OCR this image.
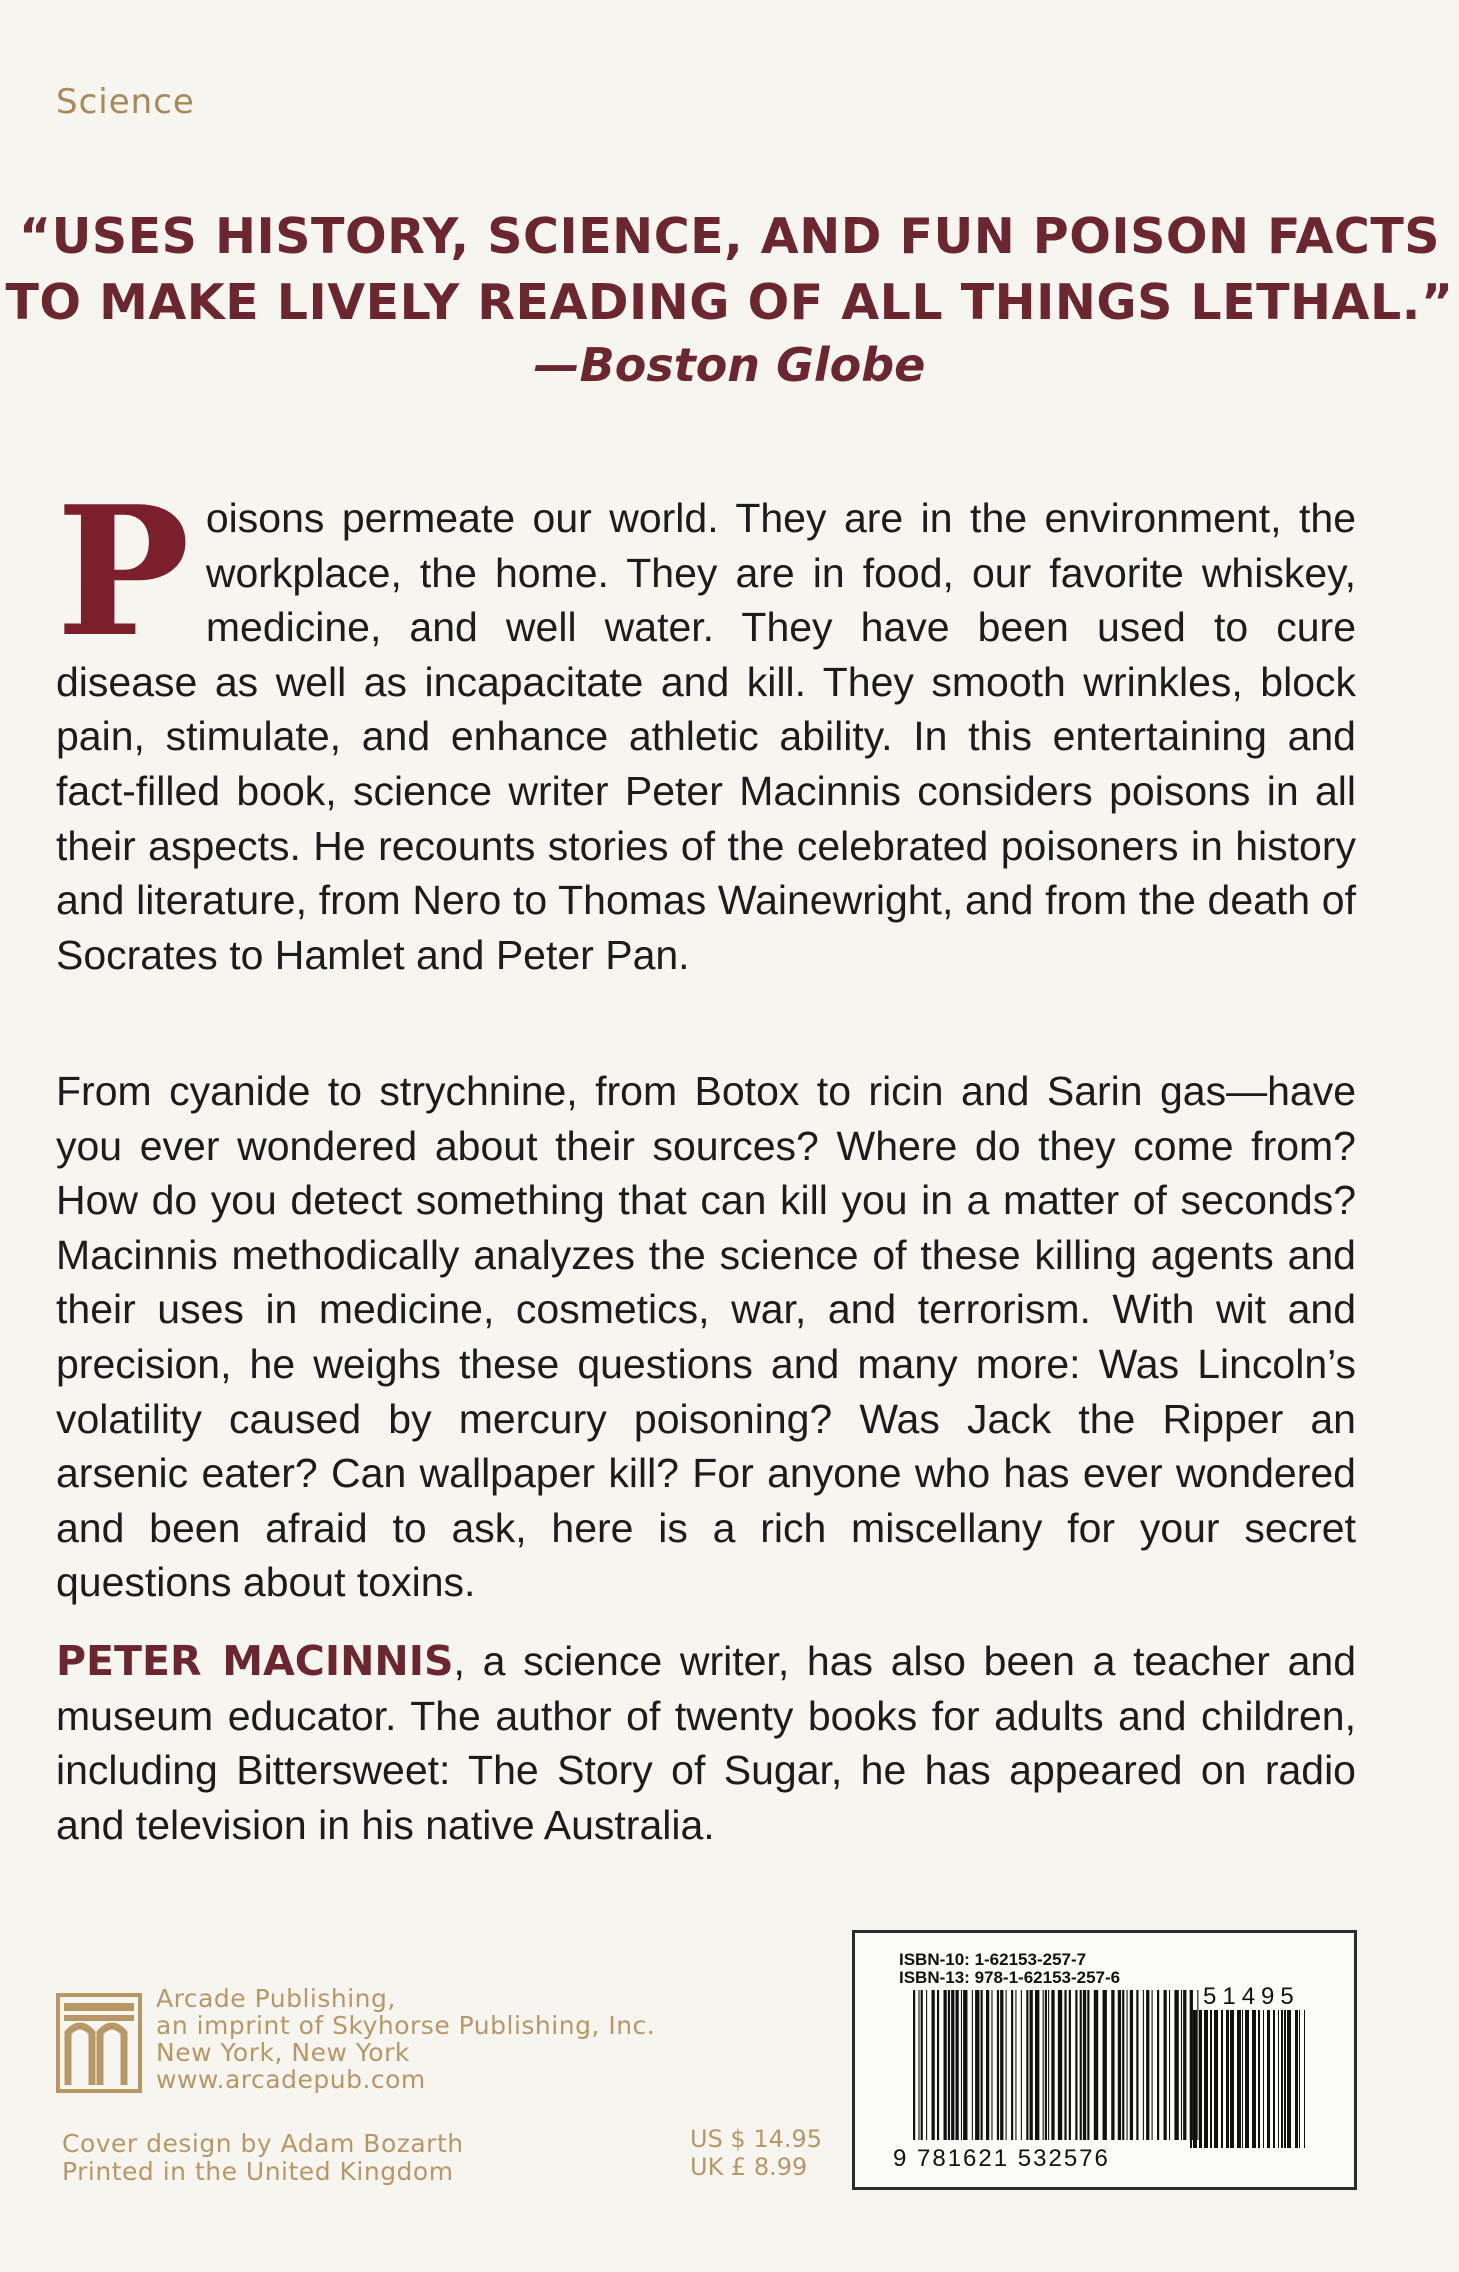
Science
“USES HISTORY, SCIENCE, AND FUN POISON FACTS
TO MAKE LIVELY READING OF ALL THINGS LETHAL.”
—Boston Globe
Poisons permeate our world. They are in the environment, the workplace, the home. They are in food, our favorite whiskey, medicine, and well water. They have been used to cure disease as well as incapacitate and kill. They smooth wrinkles, block pain, stimulate, and enhance athletic ability. In this entertaining and fact-filled book, science writer Peter Macinnis considers poisons in all their aspects. He recounts stories of the celebrated poisoners in history and literature, from Nero to Thomas Wainewright, and from the death of Socrates to Hamlet and Peter Pan.
From cyanide to strychnine, from Botox to ricin and Sarin gas—have you ever wondered about their sources? Where do they come from? How do you detect something that can kill you in a matter of seconds? Macinnis methodically analyzes the science of these killing agents and their uses in medicine, cosmetics, war, and terrorism. With wit and precision, he weighs these questions and many more: Was Lincoln’s volatility caused by mercury poisoning? Was Jack the Ripper an arsenic eater? Can wallpaper kill? For anyone who has ever wondered and been afraid to ask, here is a rich miscellany for your secret questions about toxins.
PETER MACINNIS, a science writer, has also been a teacher and museum educator. The author of twenty books for adults and children, including Bittersweet: The Story of Sugar, he has appeared on radio and television in his native Australia.
Arcade Publishing,
an imprint of Skyhorse Publishing, Inc.
New York, New York
www.arcadepub.com
Cover design by Adam Bozarth
Printed in the United Kingdom
US $ 14.95
UK £ 8.99
ISBN-10: 1-62153-257-7
ISBN-13: 978-1-62153-257-6
51495
9 781621 532576
